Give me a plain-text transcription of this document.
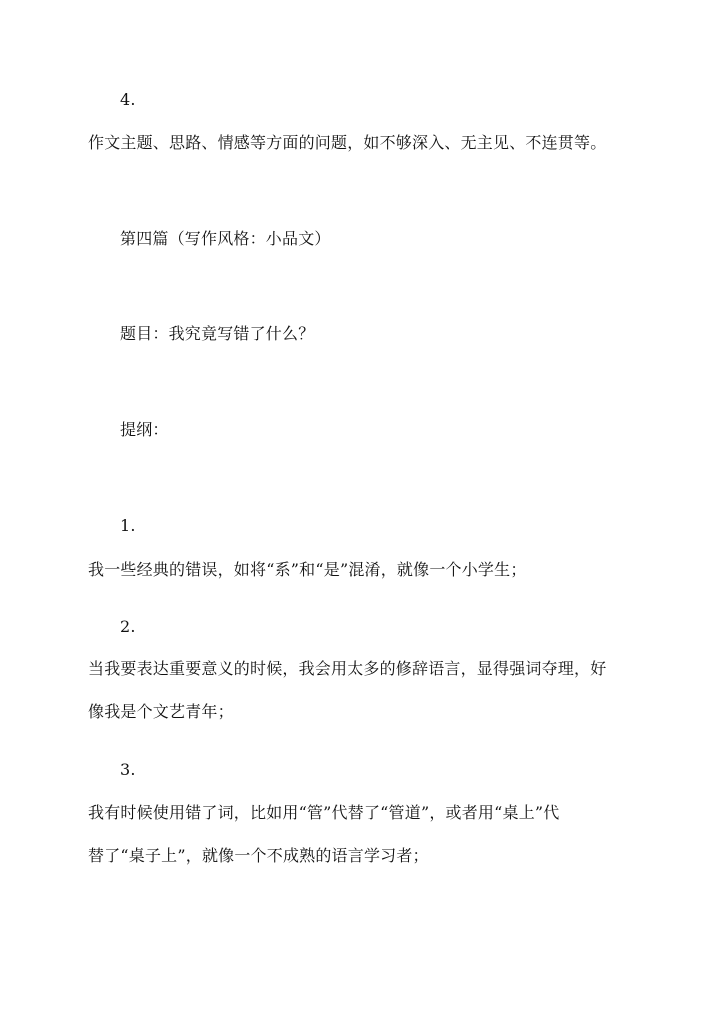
4.
作文主题、思路、情感等方面的问题，如不够深入、无主见、不连贯等。
第四篇（写作风格：小品文）
题目：我究竟写错了什么？
提纲：
1.
我一些经典的错误，如将“系”和“是”混淆，就像一个小学生；
2.
当我要表达重要意义的时候，我会用太多的修辞语言，显得强词夺理，好
像我是个文艺青年；
3.
我有时候使用错了词，比如用“管”代替了“管道”，或者用“桌上”代
替了“桌子上”，就像一个不成熟的语言学习者；
